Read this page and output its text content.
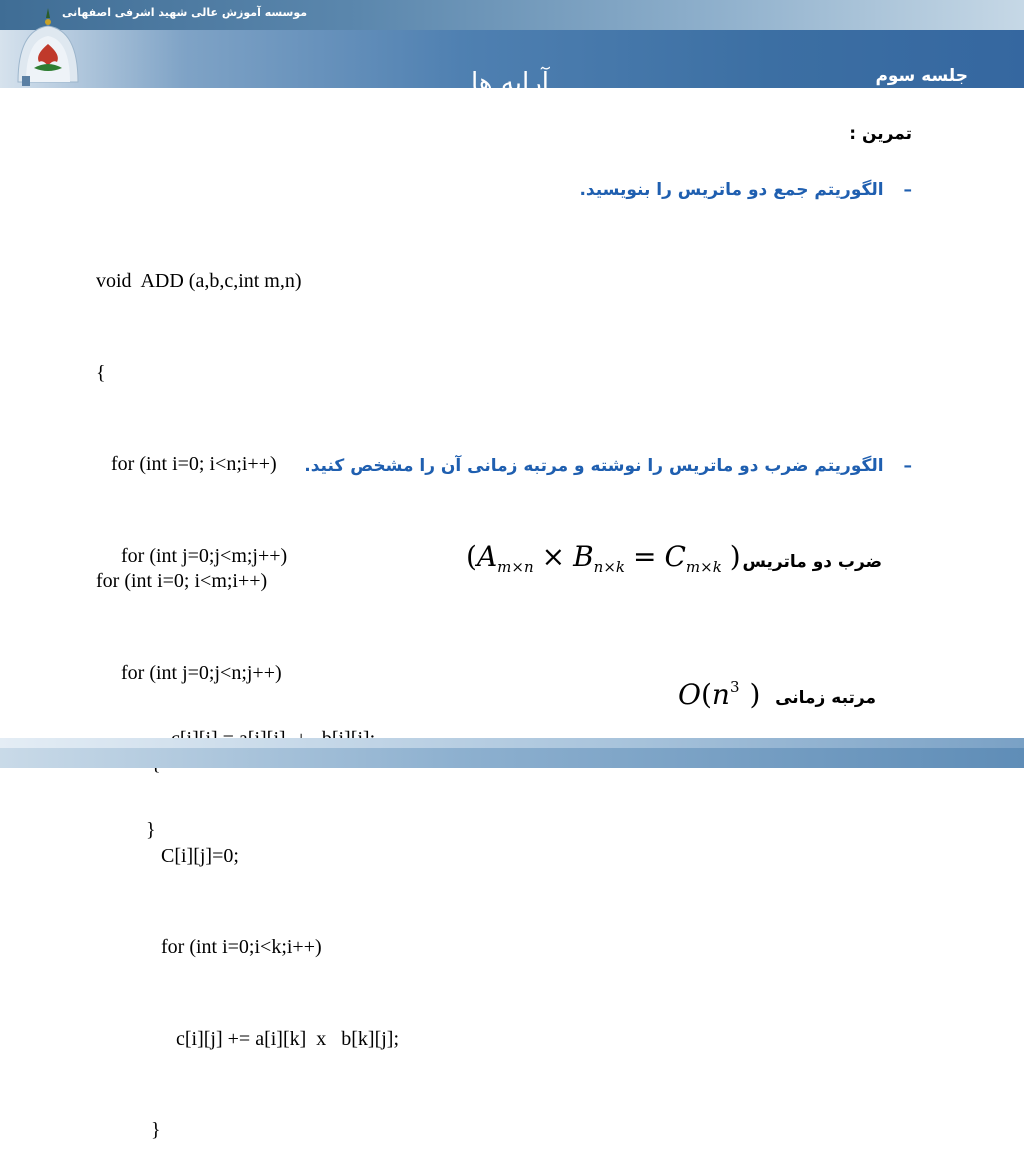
موسسه آموزش عالی شهید اشرفی اصفهانی
آرایه ها	جلسه سوم
تمرین :
– الگوریتم جمع دو ماتریس را بنویسید.

void  ADD (a,b,c,int m,n)

{

for (int i=0; i<n;i++)

for (int j=0;j<m;j++)

}

– الگوریتم ضرب دو ماتریس را نوشته و مرتبه زمانی آن را مشخص کنید.

for (int i=0; i<m;i++)

for (int j=0;j<n;j++)

C[i][j]=0;

for (int i=0;i<k;i++)

c[i][j] += a[i][k]  x   b[k][j];

}

($A_{m\times n} \times B_{n\times k} = C_{m\times k}$ ) ضرب دو ماتریس
$O(n^3$ ) مرتبه زمانی
